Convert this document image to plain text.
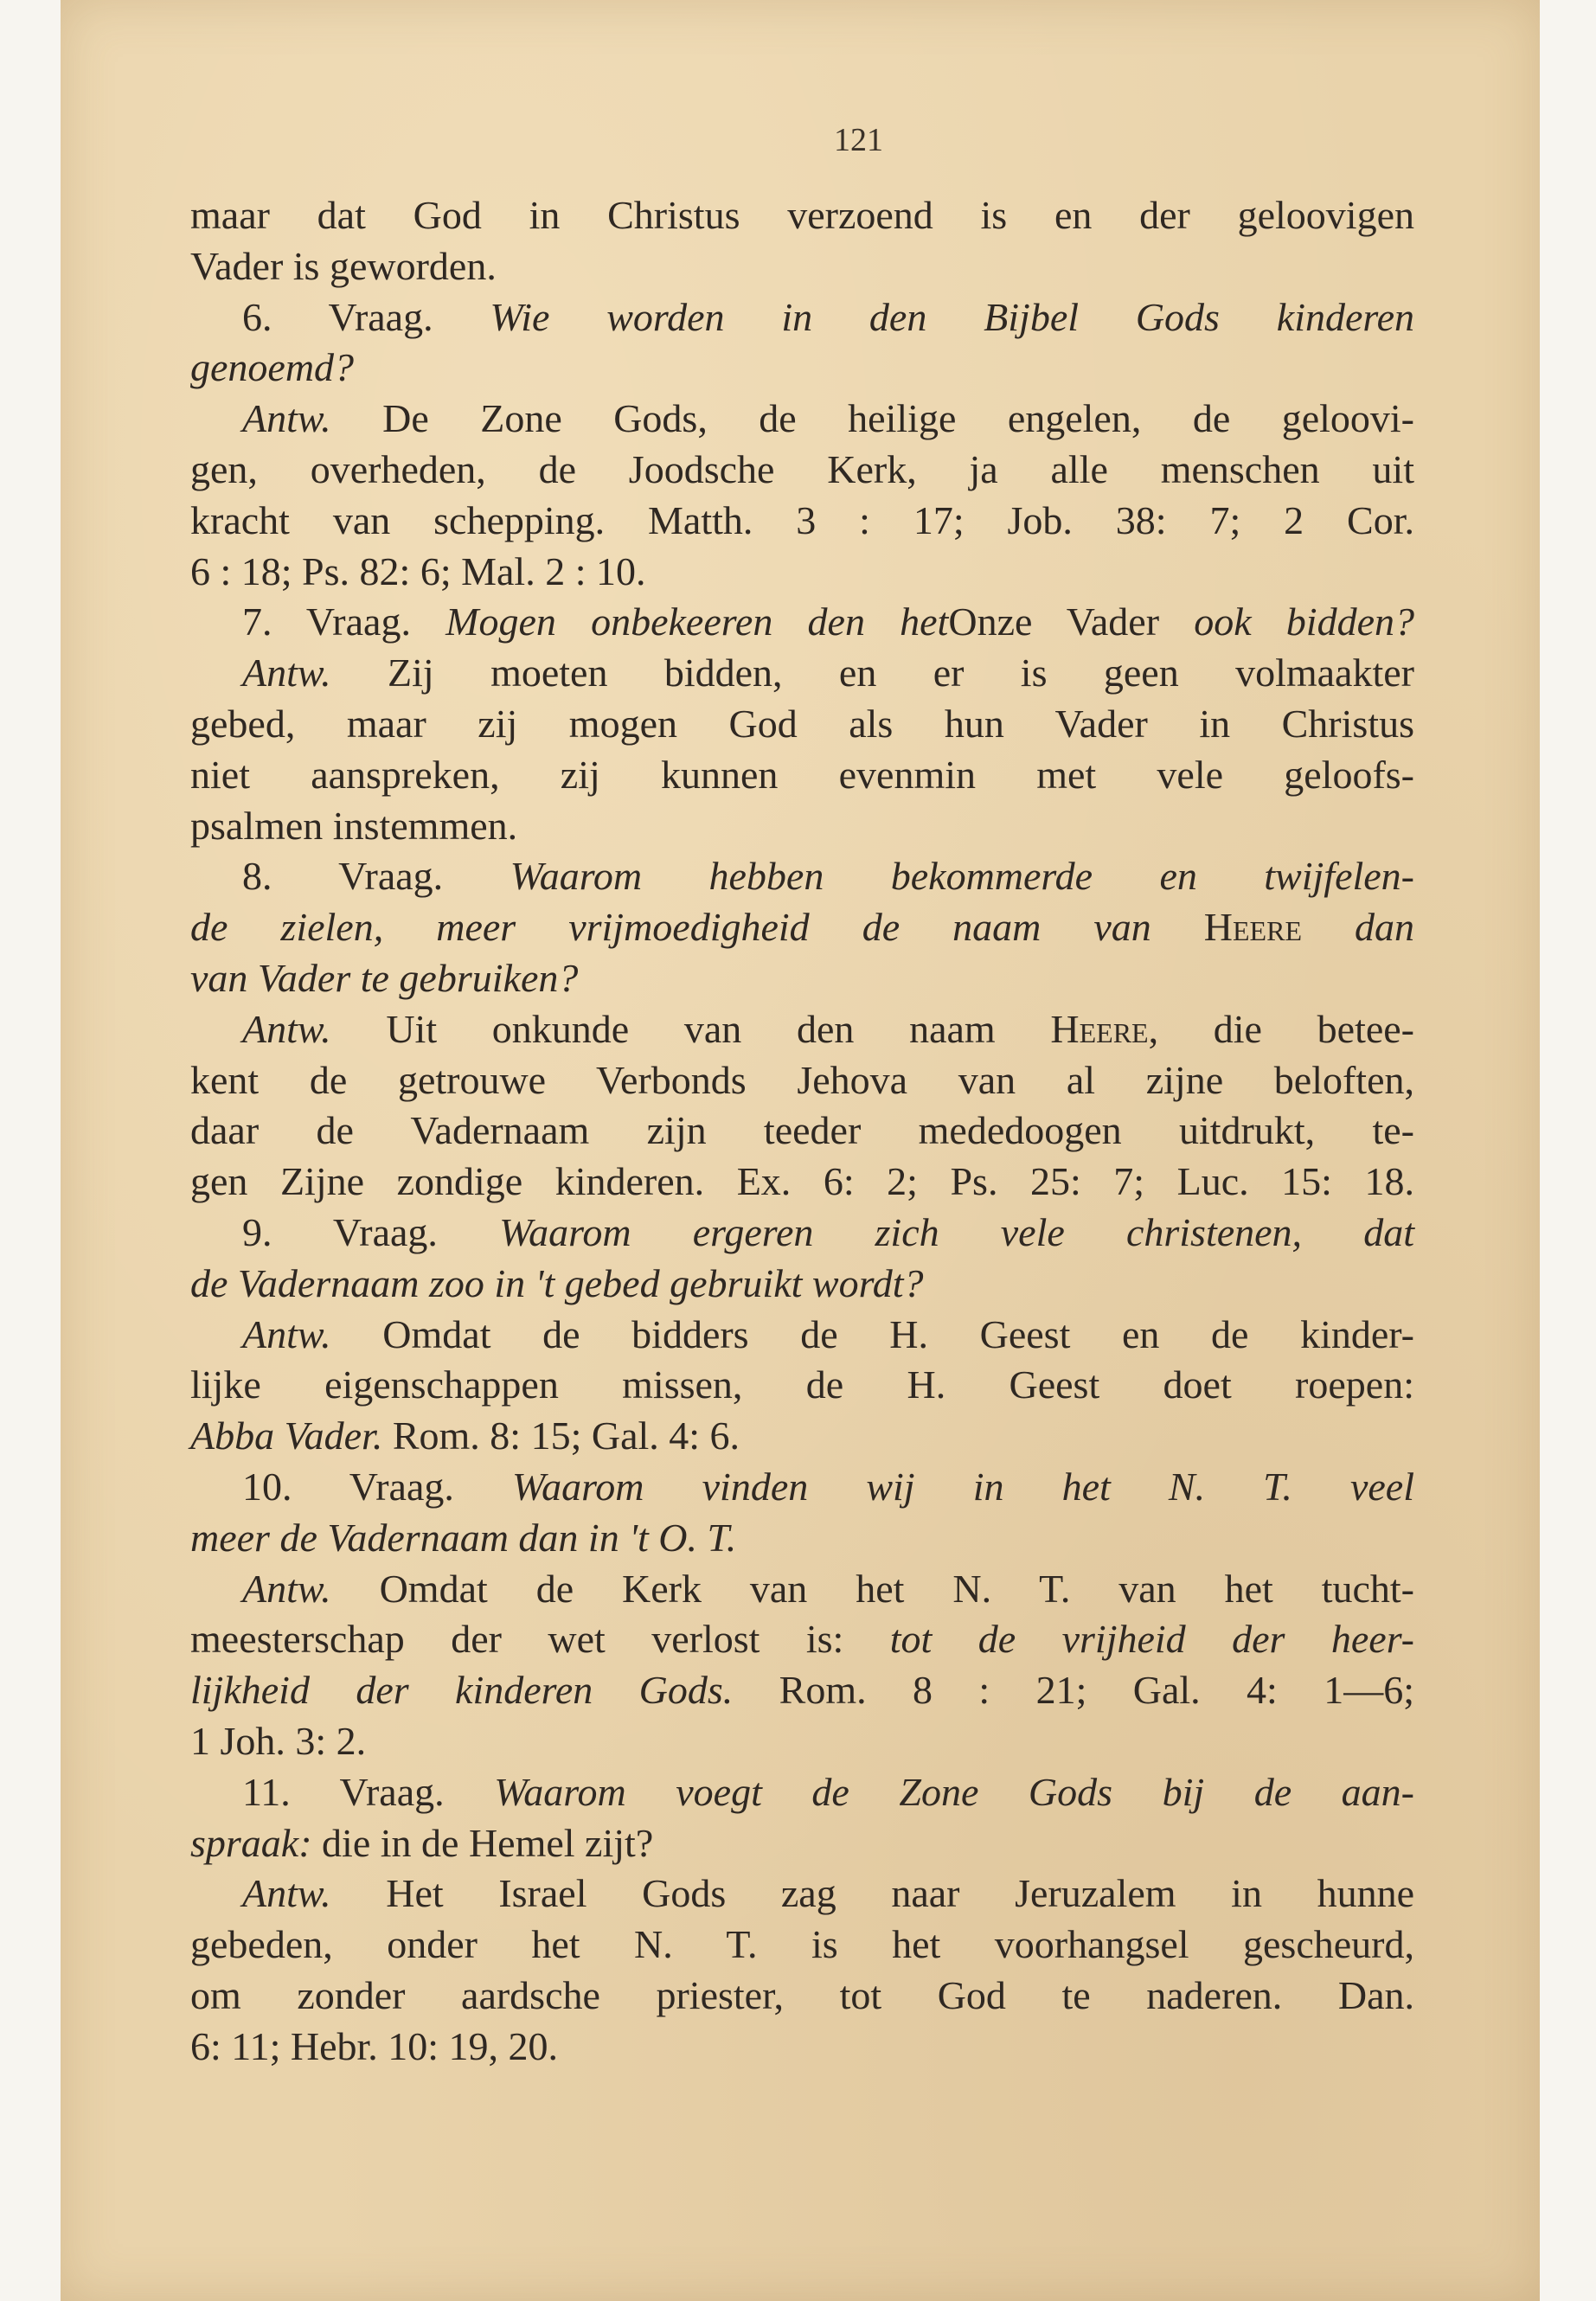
121
maar dat God in Christus verzoend is en der geloovigen
Vader is geworden.
6. Vraag. Wie worden in den Bijbel Gods kinderen
genoemd?
Antw. De Zone Gods, de heilige engelen, de geloovi-
gen, overheden, de Joodsche Kerk, ja alle menschen uit
kracht van schepping. Matth. 3 : 17; Job. 38: 7; 2 Cor.
6 : 18; Ps. 82: 6; Mal. 2 : 10.
7. Vraag. Mogen onbekeeren den hetOnze Vader ook bidden?
Antw. Zij moeten bidden, en er is geen volmaakter
gebed, maar zij mogen God als hun Vader in Christus
niet aanspreken, zij kunnen evenmin met vele geloofs-
psalmen instemmen.
8. Vraag. Waarom hebben bekommerde en twijfelen-
de zielen, meer vrijmoedigheid de naam van Heere dan
van Vader te gebruiken?
Antw. Uit onkunde van den naam Heere, die betee-
kent de getrouwe Verbonds Jehova van al zijne beloften,
daar de Vadernaam zijn teeder mededoogen uitdrukt, te-
gen Zijne zondige kinderen. Ex. 6: 2; Ps. 25: 7; Luc. 15: 18.
9. Vraag. Waarom ergeren zich vele christenen, dat
de Vadernaam zoo in 't gebed gebruikt wordt?
Antw. Omdat de bidders de H. Geest en de kinder-
lijke eigenschappen missen, de H. Geest doet roepen:
Abba Vader. Rom. 8: 15; Gal. 4: 6.
10. Vraag. Waarom vinden wij in het N. T. veel
meer de Vadernaam dan in 't O. T.
Antw. Omdat de Kerk van het N. T. van het tucht-
meesterschap der wet verlost is: tot de vrijheid der heer-
lijkheid der kinderen Gods. Rom. 8 : 21; Gal. 4: 1—6;
1 Joh. 3: 2.
11. Vraag. Waarom voegt de Zone Gods bij de aan-
spraak: die in de Hemel zijt?
Antw. Het Israel Gods zag naar Jeruzalem in hunne
gebeden, onder het N. T. is het voorhangsel gescheurd,
om zonder aardsche priester, tot God te naderen. Dan.
6: 11; Hebr. 10: 19, 20.
